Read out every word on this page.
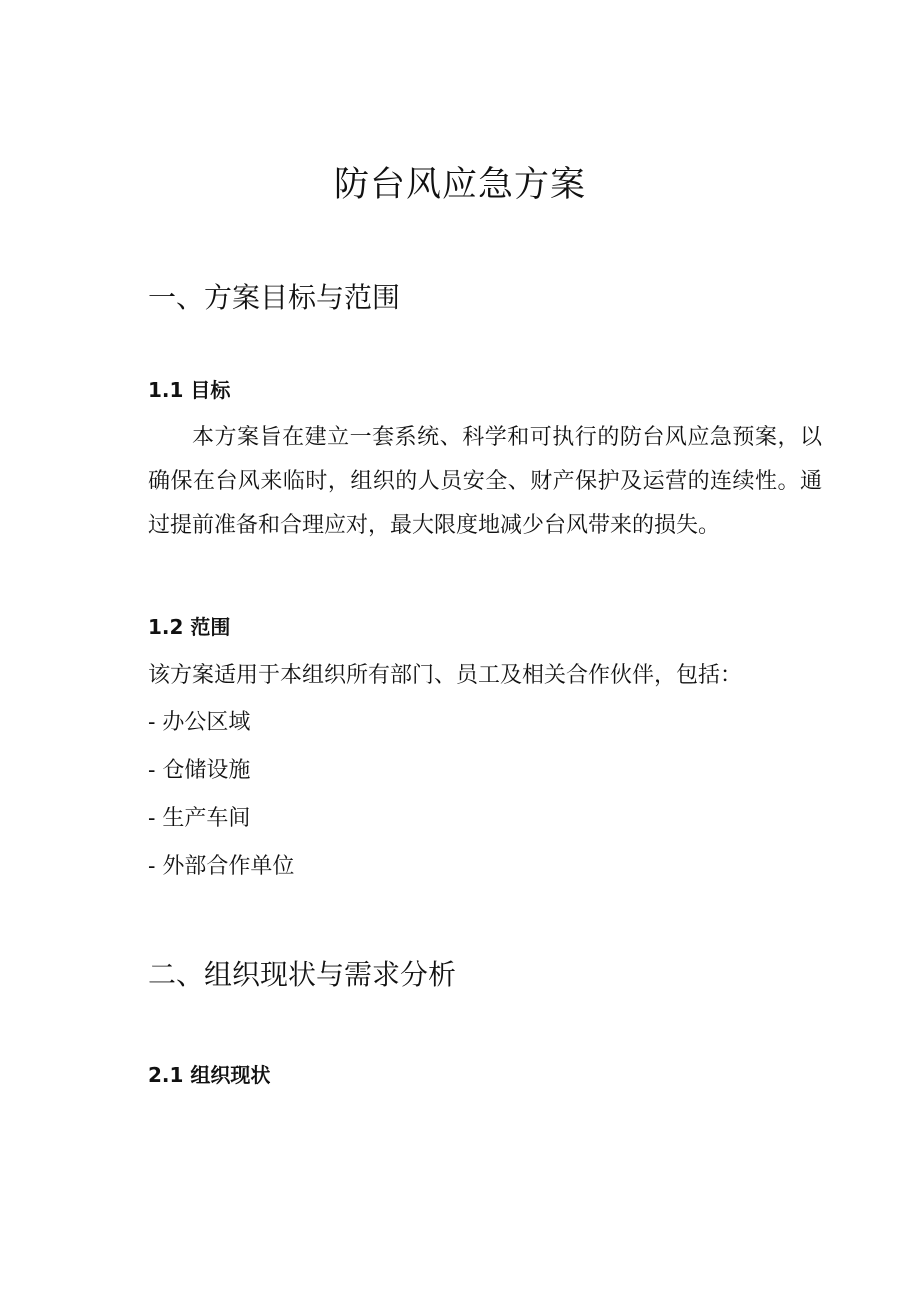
防台风应急方案
一、方案目标与范围
1.1 目标

本方案旨在建立一套系统、科学和可执行的防台风应急预案，以确保在台风来临时，组织的人员安全、财产保护及运营的连续性。通过提前准备和合理应对，最大限度地减少台风带来的损失。

1.2 范围

该方案适用于本组织所有部门、员工及相关合作伙伴，包括：

- 办公区域

- 仓储设施

- 生产车间

- 外部合作单位

二、组织现状与需求分析
2.1 组织现状
